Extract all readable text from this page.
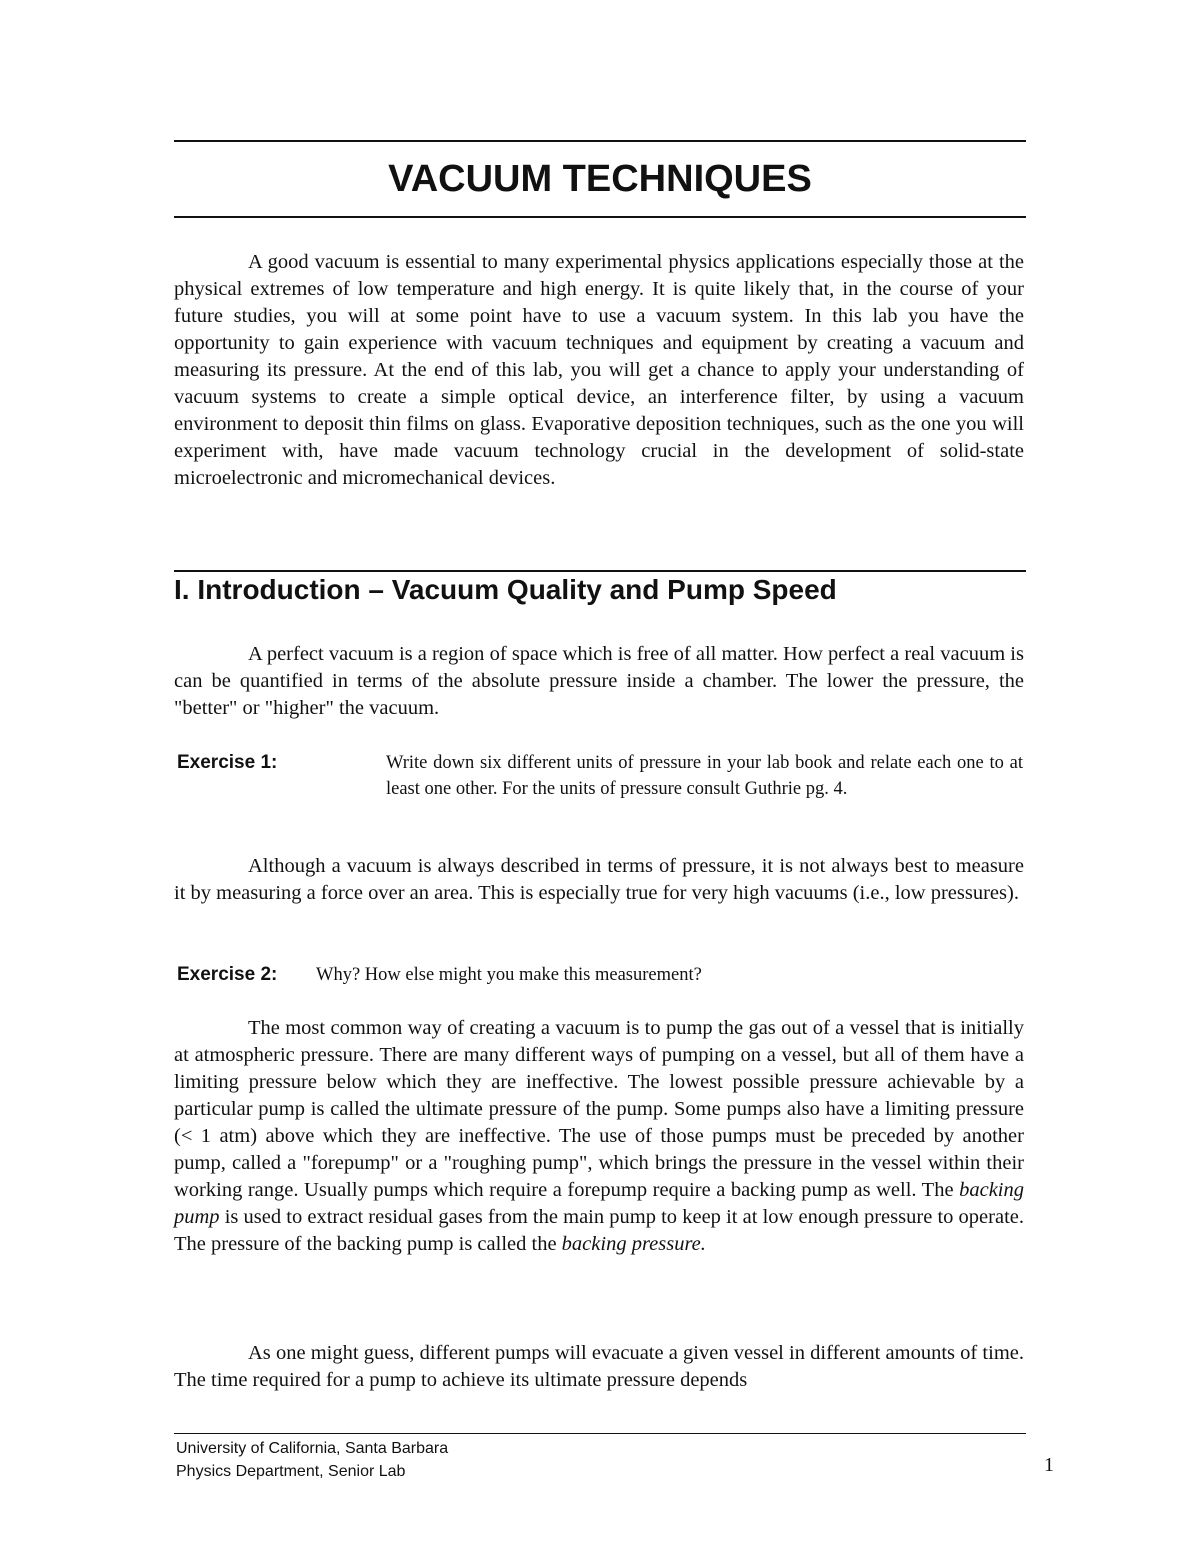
VACUUM TECHNIQUES

A good vacuum is essential to many experimental physics applications especially those at the physical extremes of low temperature and high energy. It is quite likely that, in the course of your future studies, you will at some point have to use a vacuum system. In this lab you have the opportunity to gain experience with vacuum techniques and equipment by creating a vacuum and measuring its pressure. At the end of this lab, you will get a chance to apply your understanding of vacuum systems to create a simple optical device, an interference filter, by using a vacuum environment to deposit thin films on glass. Evaporative deposition techniques, such as the one you will experiment with, have made vacuum technology crucial in the development of solid-state microelectronic and micromechanical devices.

I. Introduction – Vacuum Quality and Pump Speed

A perfect vacuum is a region of space which is free of all matter. How perfect a real vacuum is can be quantified in terms of the absolute pressure inside a chamber. The lower the pressure, the "better" or "higher" the vacuum.

Exercise 1:	Write down six different units of pressure in your lab book and relate each one to at least one other. For the units of pressure consult Guthrie pg. 4.

Although a vacuum is always described in terms of pressure, it is not always best to measure it by measuring a force over an area. This is especially true for very high vacuums (i.e., low pressures).

Exercise 2: Why? How else might you make this measurement?

The most common way of creating a vacuum is to pump the gas out of a vessel that is initially at atmospheric pressure. There are many different ways of pumping on a vessel, but all of them have a limiting pressure below which they are ineffective. The lowest possible pressure achievable by a particular pump is called the ultimate pressure of the pump. Some pumps also have a limiting pressure (< 1 atm) above which they are ineffective. The use of those pumps must be preceded by another pump, called a "forepump" or a "roughing pump", which brings the pressure in the vessel within their working range. Usually pumps which require a forepump require a backing pump as well. The backing pump is used to extract residual gases from the main pump to keep it at low enough pressure to operate. The pressure of the backing pump is called the backing pressure.

As one might guess, different pumps will evacuate a given vessel in different amounts of time. The time required for a pump to achieve its ultimate pressure depends

University of California, Santa Barbara

Physics Department, Senior Lab	1
